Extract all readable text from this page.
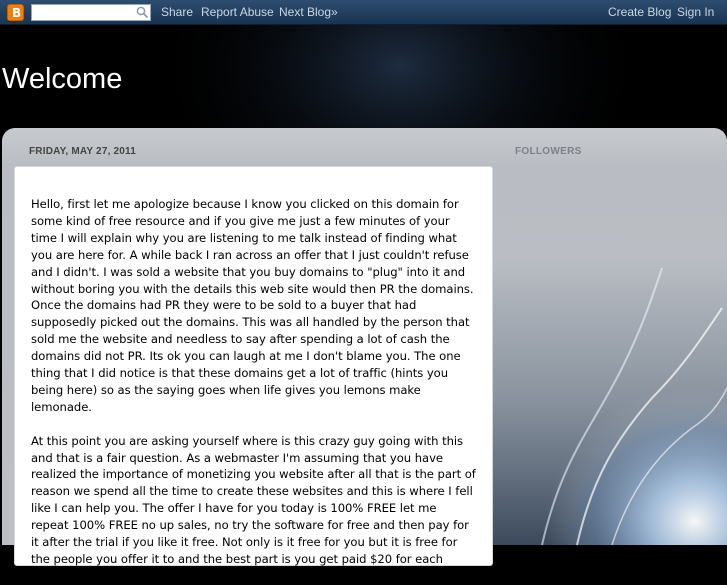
B	Share Report Abuse Next Blog»	Create Blog Sign In
Welcome
FRIDAY, MAY 27, 2011	FOLLOWERS

Hello, first let me apologize because I know you clicked on this domain for some kind of free resource and if you give me just a few minutes of your time I will explain why you are listening to me talk instead of finding what you are here for. A while back I ran across an offer that I just couldn't refuse and I didn't. I was sold a website that you buy domains to "plug" into it and without boring you with the details this web site would then PR the domains. Once the domains had PR they were to be sold to a buyer that had supposedly picked out the domains. This was all handled by the person that sold me the website and needless to say after spending a lot of cash the domains did not PR. Its ok you can laugh at me I don't blame you. The one thing that I did notice is that these domains get a lot of traffic (hints you being here) so as the saying goes when life gives you lemons make lemonade.

At this point you are asking yourself where is this crazy guy going with this and that is a fair question. As a webmaster I'm assuming that you have realized the importance of monetizing you website after all that is the part of reason we spend all the time to create these websites and this is where I fell like I can help you. The offer I have for you today is 100% FREE let me repeat 100% FREE no up sales, no try the software for free and then pay for it after the trial if you like it free. Not only is it free for you but it is free for the people you offer it to and the best part is you get paid $20 for each person that signs up. You will be referring people
